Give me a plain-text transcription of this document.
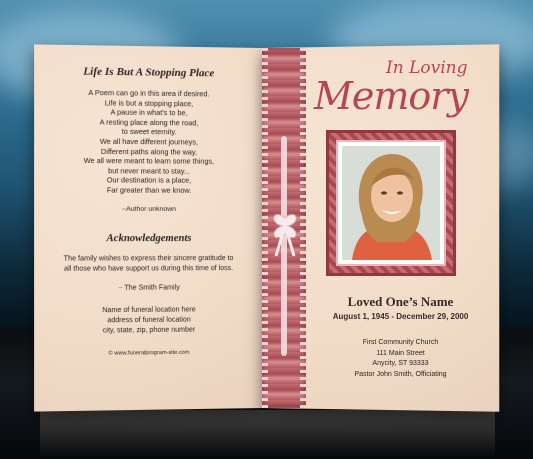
Life Is But A Stopping Place
A Poem can go in this area if desired.
Life is but a stopping place,
A pause in what's to be,
A resting place along the road,
to sweet eternity.
We all have different journeys,
Different paths along the way,
We all were meant to learn some things,
but never meant to stay...
Our destination is a place,
Far greater than we know.
–Author unknown
Acknowledgements
The family wishes to express their sincere gratitude to
all those who have support us during this time of loss.
– The Smith Family
Name of funeral location here
address of funeral location
city, state, zip, phone number
© www.funeralprogram-site.com
In Loving
Memory
Loved One’s Name
August 1, 1945 - December 29, 2000
First Community Church
111 Main Street
Anycity, ST 93333
Pastor John Smith, Officiating
